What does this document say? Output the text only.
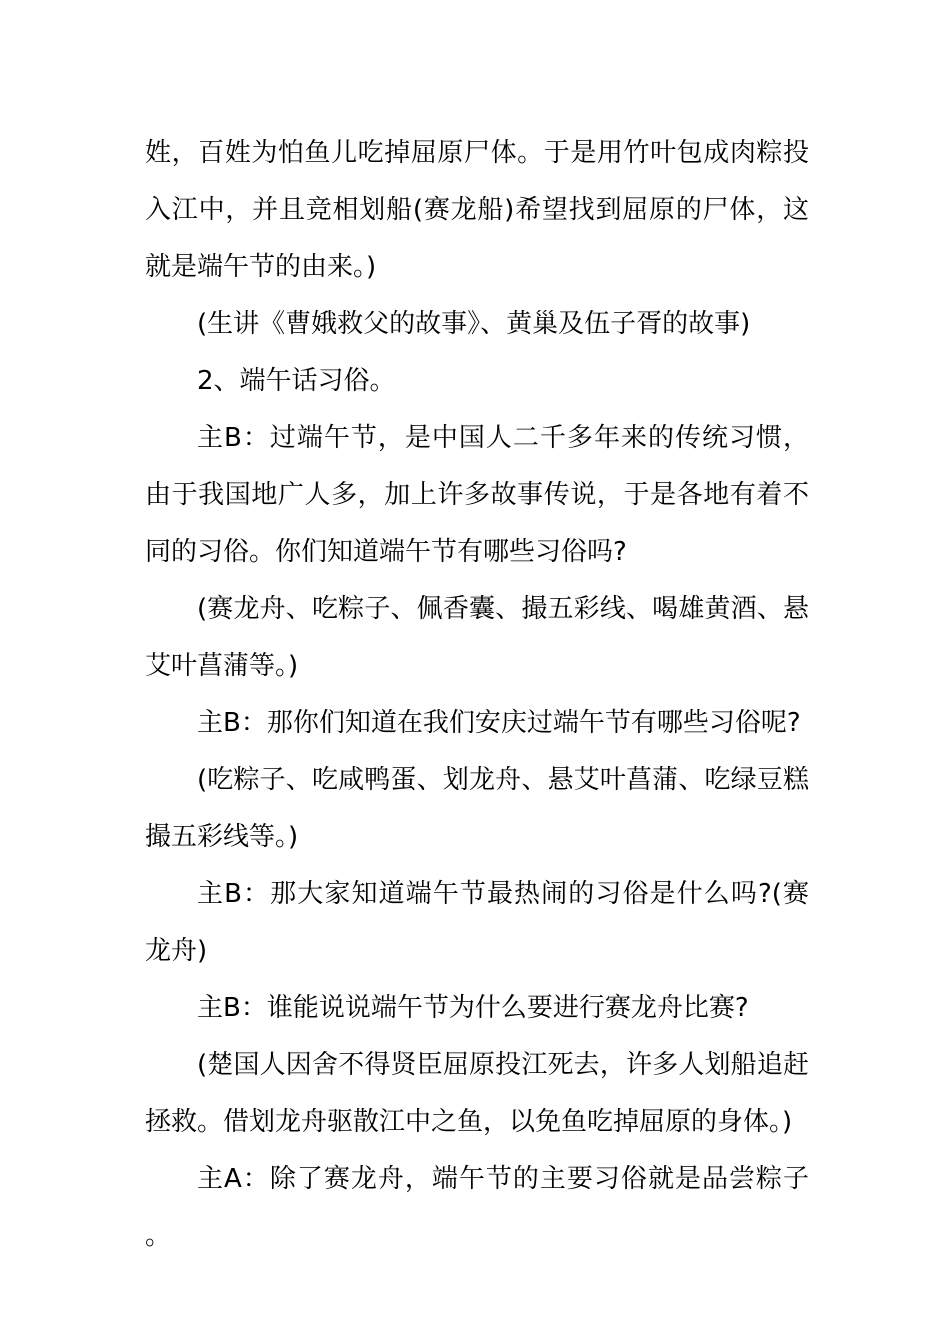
姓，百姓为怕鱼儿吃掉屈原尸体。于是用竹叶包成肉粽投入江中，并且竞相划船(赛龙船)希望找到屈原的尸体，这就是端午节的由来。)

(生讲《曹娥救父的故事》、黄巢及伍子胥的故事)

2、端午话习俗。

主B：过端午节，是中国人二千多年来的传统习惯，由于我国地广人多，加上许多故事传说，于是各地有着不同的习俗。你们知道端午节有哪些习俗吗?

(赛龙舟、吃粽子、佩香囊、撮五彩线、喝雄黄酒、悬艾叶菖蒲等。)

主B：那你们知道在我们安庆过端午节有哪些习俗呢?

(吃粽子、吃咸鸭蛋、划龙舟、悬艾叶菖蒲、吃绿豆糕撮五彩线等。)

主B：那大家知道端午节最热闹的习俗是什么吗?(赛龙舟)

主B：谁能说说端午节为什么要进行赛龙舟比赛?

(楚国人因舍不得贤臣屈原投江死去，许多人划船追赶拯救。借划龙舟驱散江中之鱼，以免鱼吃掉屈原的身体。)

主A：除了赛龙舟，端午节的主要习俗就是品尝粽子。
